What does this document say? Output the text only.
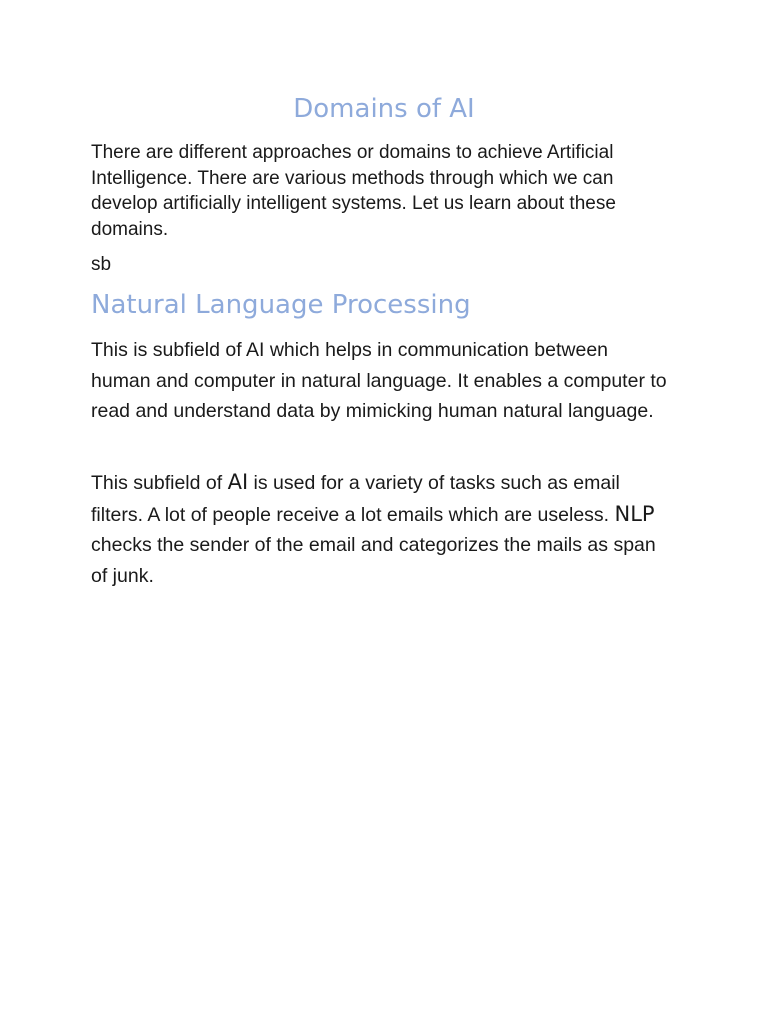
Domains of AI

There are different approaches or domains to achieve Artificial Intelligence. There are various methods through which we can develop artificially intelligent systems. Let us learn about these domains.

sb

Natural Language Processing

This is subfield of AI which helps in communication between human and computer in natural language. It enables a computer to read and understand data by mimicking human natural language.

This subfield of AI is used for a variety of tasks such as email filters. A lot of people receive a lot emails which are useless. NLP checks the sender of the email and categorizes the mails as span of junk.
